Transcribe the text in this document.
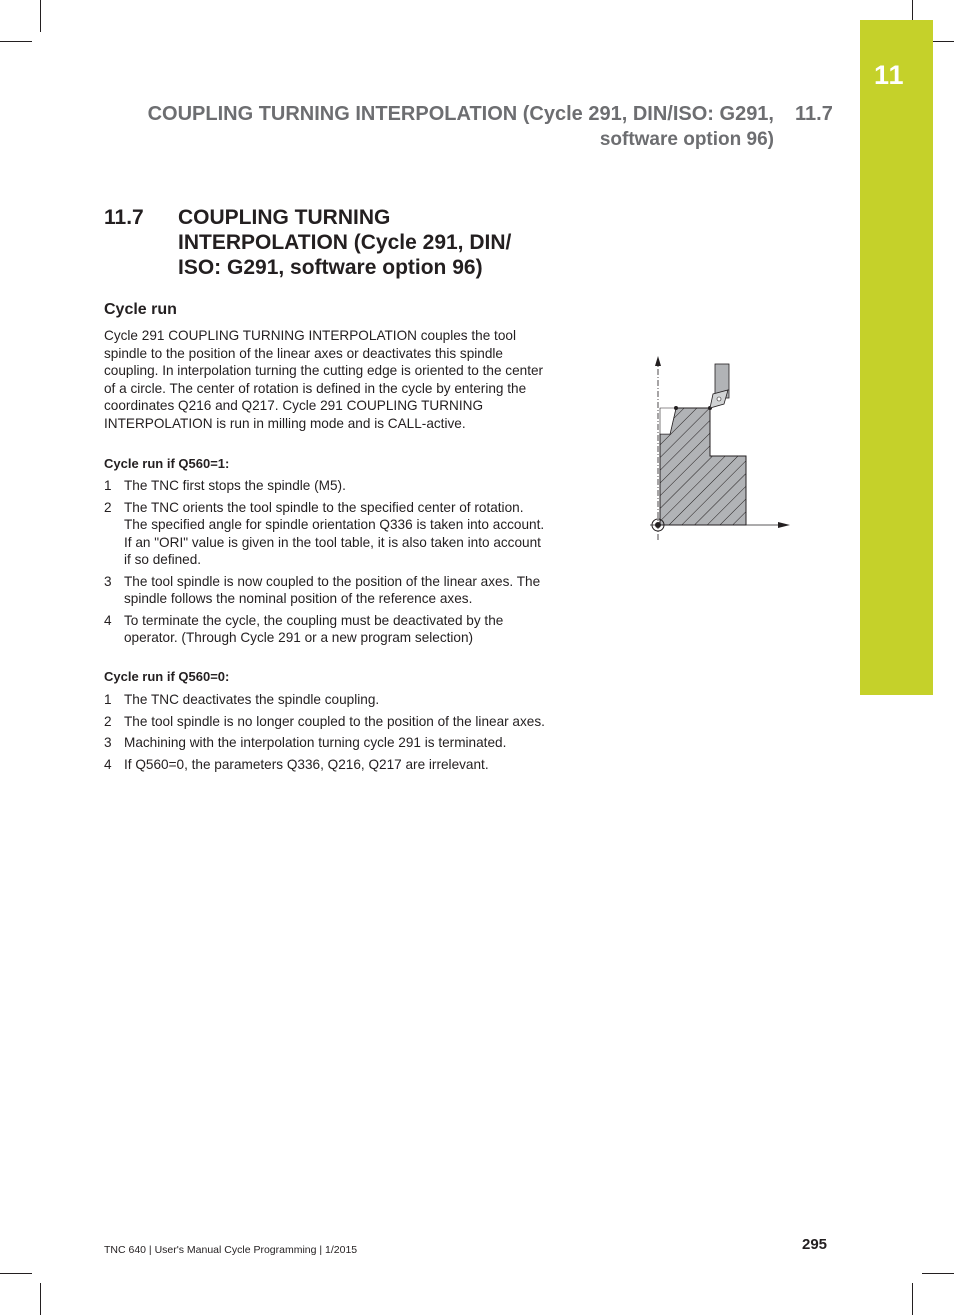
11
COUPLING TURNING INTERPOLATION (Cycle 291, DIN/ISO: G291,
software option 96)
11.7
11.7 COUPLING TURNING INTERPOLATION (Cycle 291, DIN/ ISO: G291, software option 96)
Cycle run
Cycle 291 COUPLING TURNING INTERPOLATION couples the tool spindle to the position of the linear axes or deactivates this spindle coupling. In interpolation turning the cutting edge is oriented to the center of a circle. The center of rotation is defined in the cycle by entering the coordinates Q216 and Q217. Cycle 291 COUPLING TURNING INTERPOLATION is run in milling mode and is CALL-active.
Cycle run if Q560=1:
1 The TNC first stops the spindle (M5).
2 The TNC orients the tool spindle to the specified center of rotation. The specified angle for spindle orientation Q336 is taken into account. If an "ORI" value is given in the tool table, it is also taken into account if so defined.
3 The tool spindle is now coupled to the position of the linear axes. The spindle follows the nominal position of the reference axes.
4 To terminate the cycle, the coupling must be deactivated by the operator. (Through Cycle 291 or a new program selection)
Cycle run if Q560=0:
1 The TNC deactivates the spindle coupling.
2 The tool spindle is no longer coupled to the position of the linear axes.
3 Machining with the interpolation turning cycle 291 is terminated.
4 If Q560=0, the parameters Q336, Q216, Q217 are irrelevant.
TNC 640 | User's Manual Cycle Programming | 1/2015	295
